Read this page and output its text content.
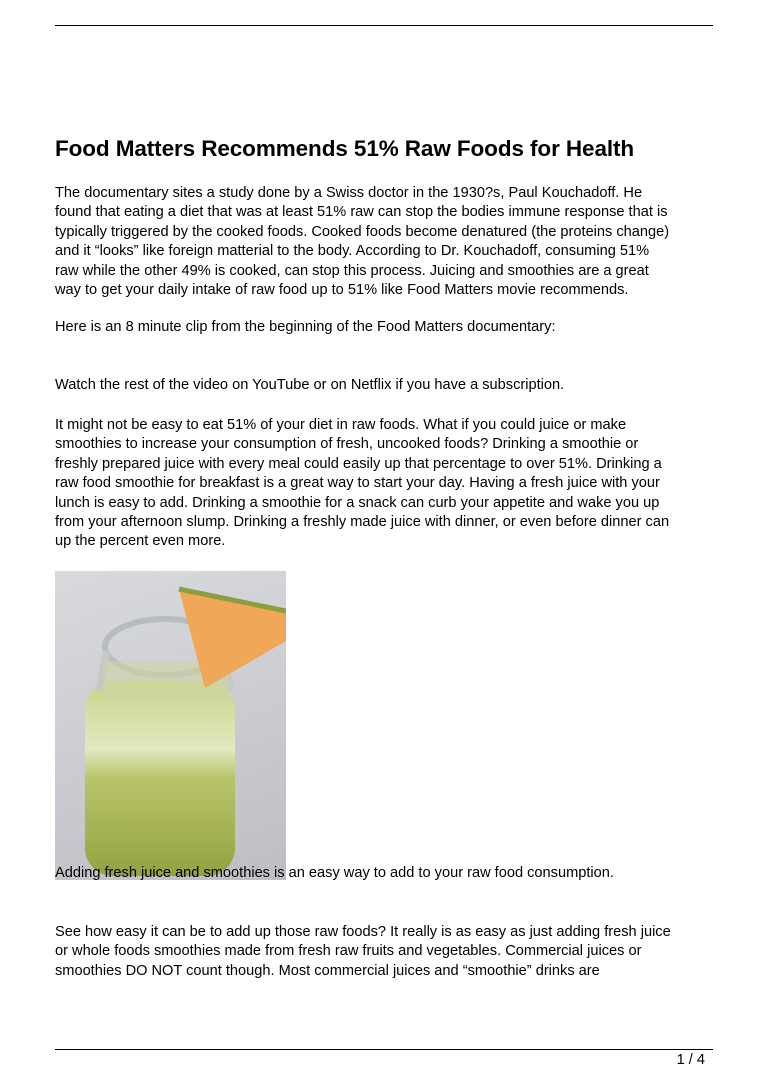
Food Matters Recommends 51% Raw Foods for Health
The documentary sites a study done by a Swiss doctor in the 1930?s, Paul Kouchadoff. He
found that eating a diet that was at least 51% raw can stop the bodies immune response that is
typically triggered by the cooked foods. Cooked foods become denatured (the proteins change)
and it “looks” like foreign matterial to the body. According to Dr. Kouchadoff, consuming 51%
raw while the other 49% is cooked, can stop this process. Juicing and smoothies are a great
way to get your daily intake of raw food up to 51% like Food Matters movie recommends.
Here is an 8 minute clip from the beginning of the Food Matters documentary:
Watch the rest of the video on YouTube or on Netflix if you have a subscription.
It might not be easy to eat 51% of your diet in raw foods. What if you could juice or make
smoothies to increase your consumption of fresh, uncooked foods? Drinking a smoothie or
freshly prepared juice with every meal could easily up that percentage to over 51%. Drinking a
raw food smoothie for breakfast is a great way to start your day. Having a fresh juice with your
lunch is easy to add. Drinking a smoothie for a snack can curb your appetite and wake you up
from your afternoon slump. Drinking a freshly made juice with dinner, or even before dinner can
up the percent even more.
Adding fresh juice and smoothies is an easy way to add to your raw food consumption.
See how easy it can be to add up those raw foods? It really is as easy as just adding fresh juice
or whole foods smoothies made from fresh raw fruits and vegetables. Commercial juices or
smoothies DO NOT count though. Most commercial juices and “smoothie” drinks are
1 / 4
